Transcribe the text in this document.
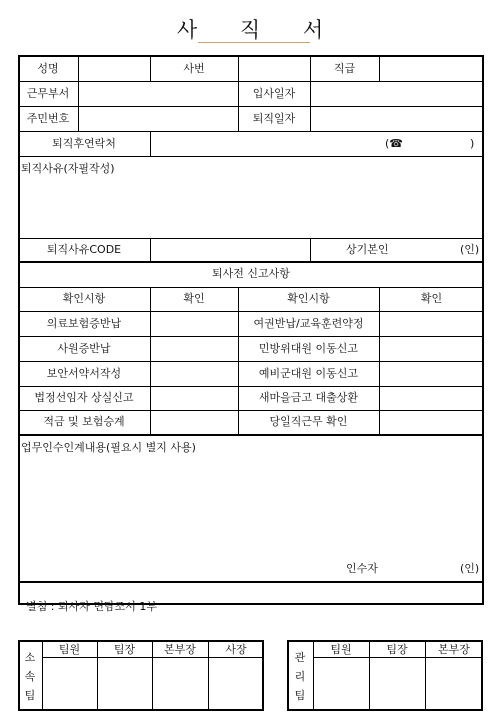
사 직 서
성명	사번	직급
근무부서	입사일자
주민번호	퇴직일자
퇴직후연락처	(☎	)
퇴직사유(자필작성)
퇴직사유CODE	상기본인	(인)
퇴사전 신고사항
확인시항	확인	확인시항	확인
의료보험증반납	여권반납/교육훈련약정
사원증반납	민방위대원 이동신고
보안서약서작성	예비군대원 이동신고
법정선임자 상실신고	새마을금고 대출상환
적금 및 보험승계	당일직근무 확인
업무인수인계내용(필요시 별지 사용)
인수자	(인)
별첨 : 퇴사자 면담조서 1부
소
속
팀
팀원	팀장	본부장	사장
관
리
팀
팀원	팀장	본부장
